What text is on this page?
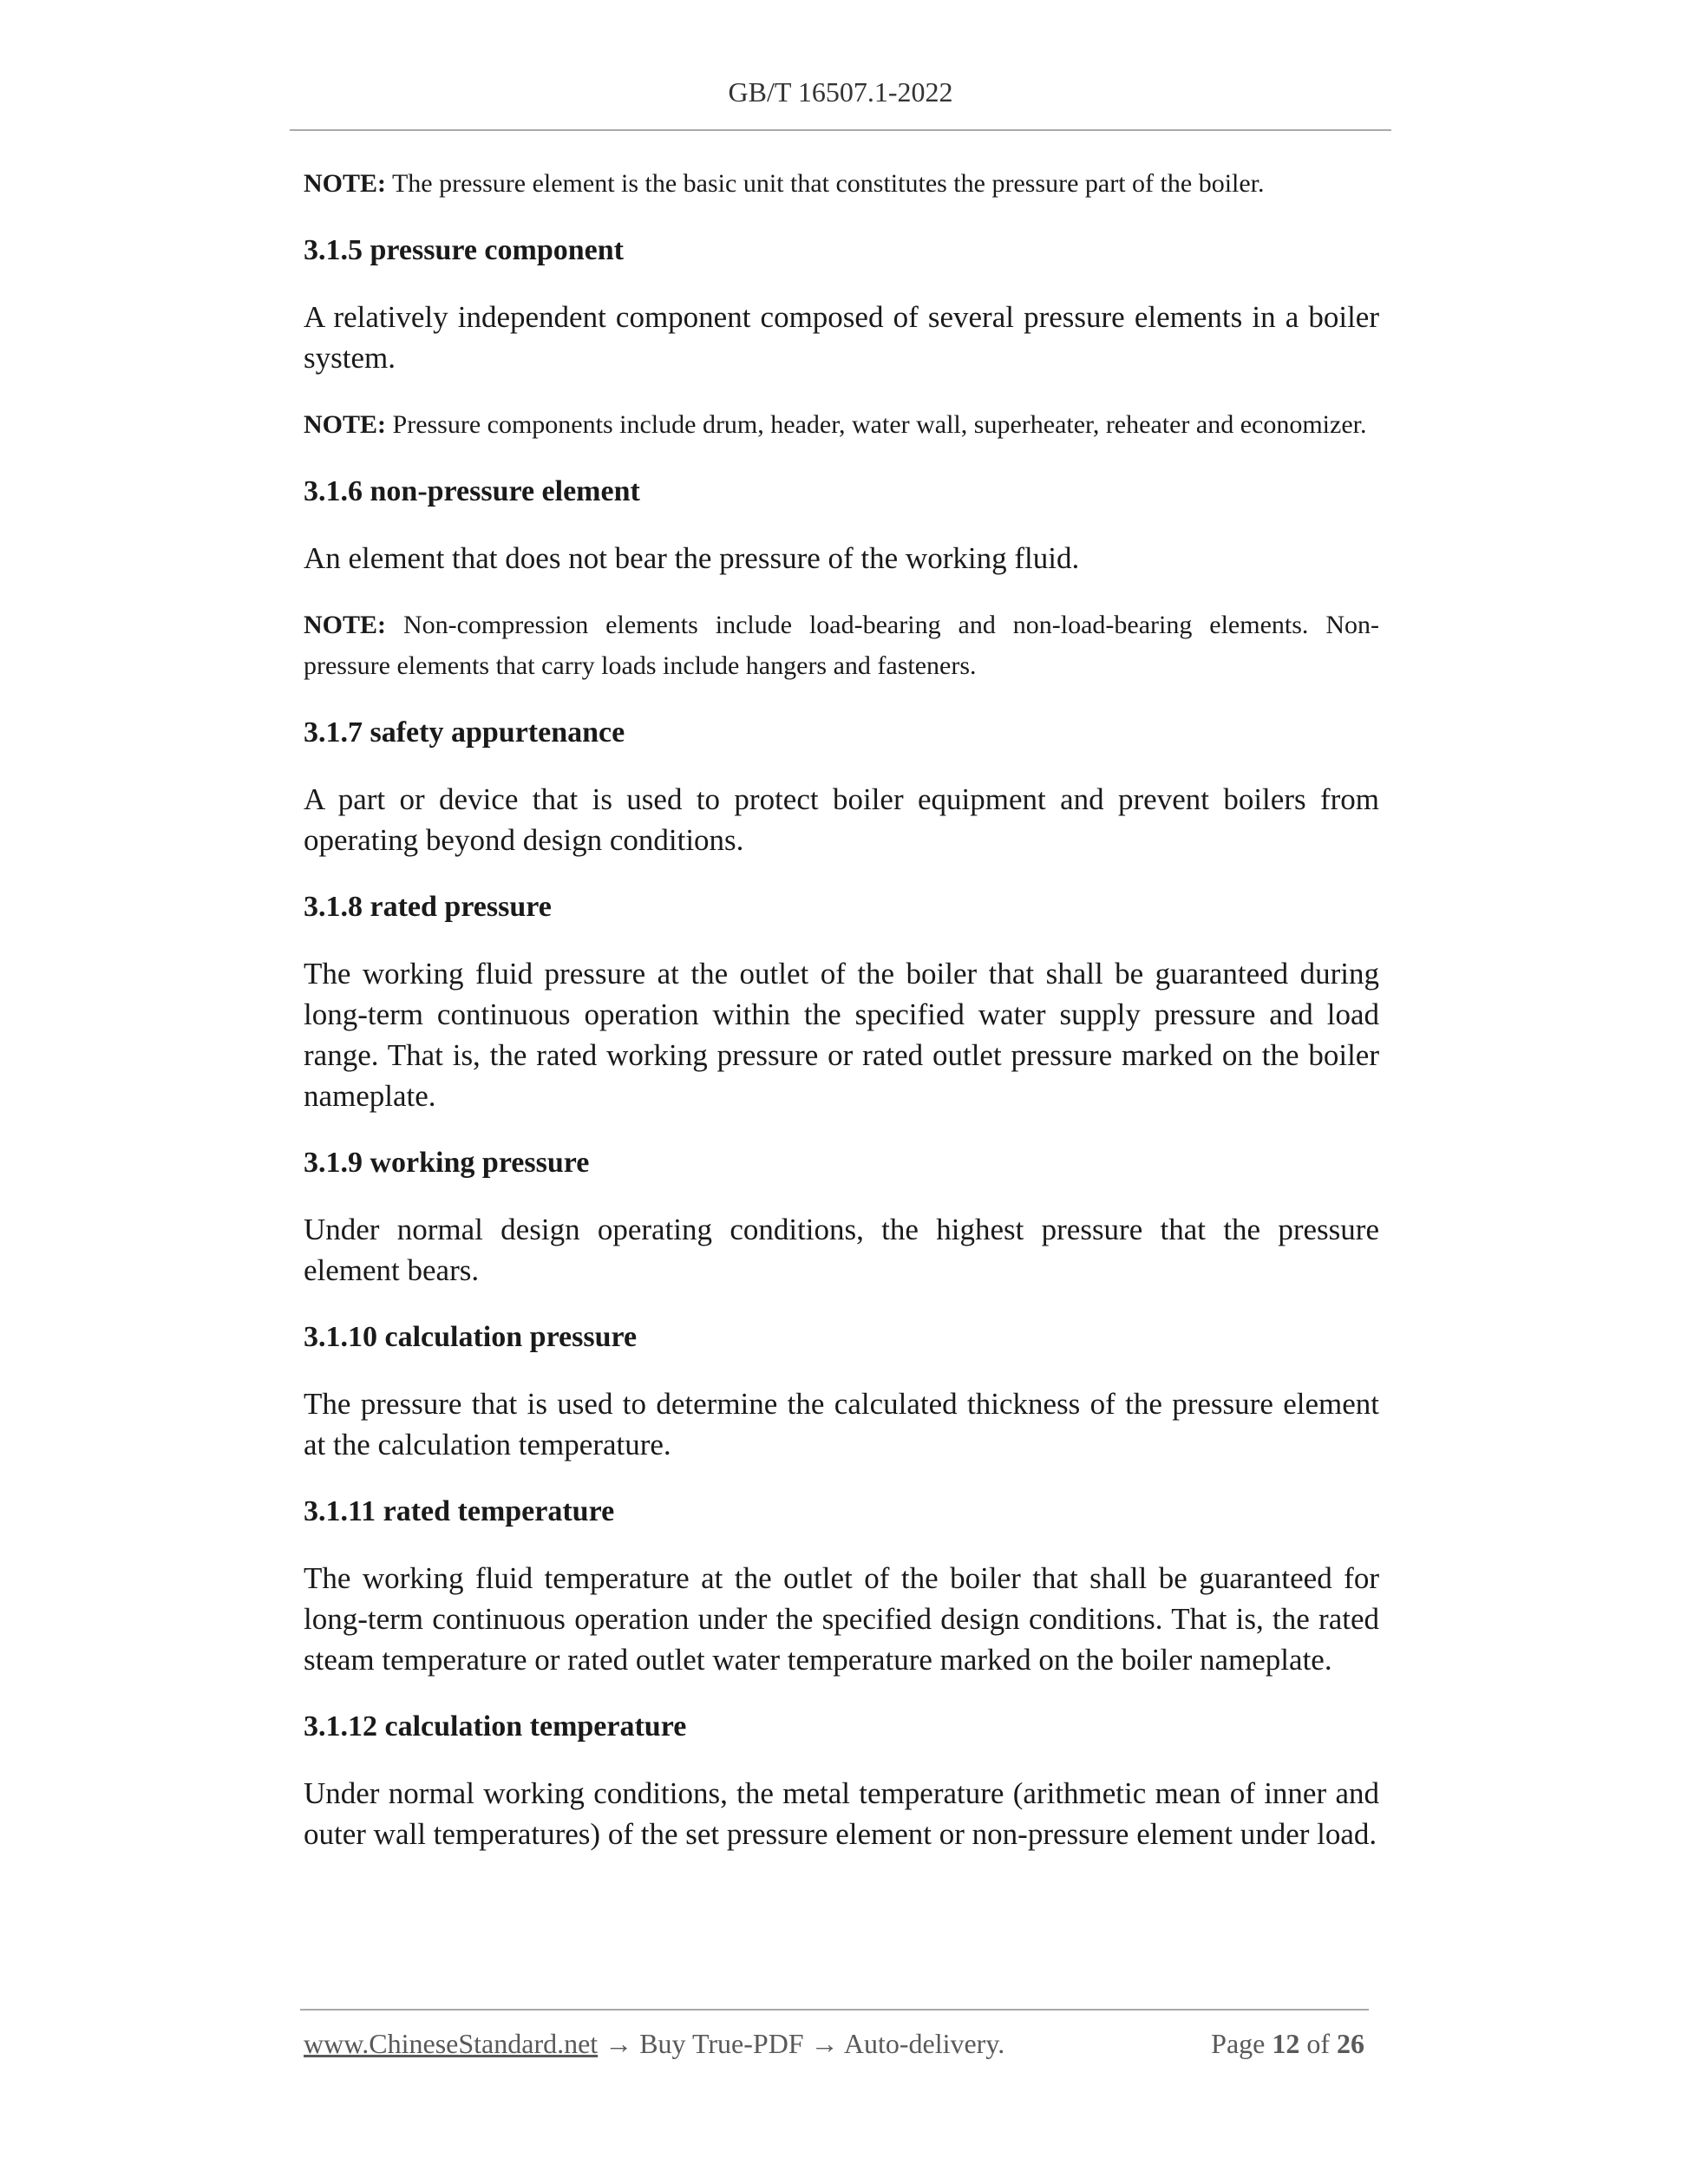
GB/T 16507.1-2022

NOTE: The pressure element is the basic unit that constitutes the pressure part of the boiler.

3.1.5 pressure component

A relatively independent component composed of several pressure elements in a boiler system.

NOTE: Pressure components include drum, header, water wall, superheater, reheater and economizer.

3.1.6 non-pressure element

An element that does not bear the pressure of the working fluid.

NOTE: Non-compression elements include load-bearing and non-load-bearing elements. Non-pressure elements that carry loads include hangers and fasteners.

3.1.7 safety appurtenance

A part or device that is used to protect boiler equipment and prevent boilers from operating beyond design conditions.

3.1.8 rated pressure

The working fluid pressure at the outlet of the boiler that shall be guaranteed during long-term continuous operation within the specified water supply pressure and load range. That is, the rated working pressure or rated outlet pressure marked on the boiler nameplate.

3.1.9 working pressure

Under normal design operating conditions, the highest pressure that the pressure element bears.

3.1.10 calculation pressure

The pressure that is used to determine the calculated thickness of the pressure element at the calculation temperature.

3.1.11 rated temperature

The working fluid temperature at the outlet of the boiler that shall be guaranteed for long-term continuous operation under the specified design conditions. That is, the rated steam temperature or rated outlet water temperature marked on the boiler nameplate.

3.1.12 calculation temperature

Under normal working conditions, the metal temperature (arithmetic mean of inner and outer wall temperatures) of the set pressure element or non-pressure element under load.

www.ChineseStandard.net → Buy True-PDF → Auto-delivery.	Page 12 of 26
